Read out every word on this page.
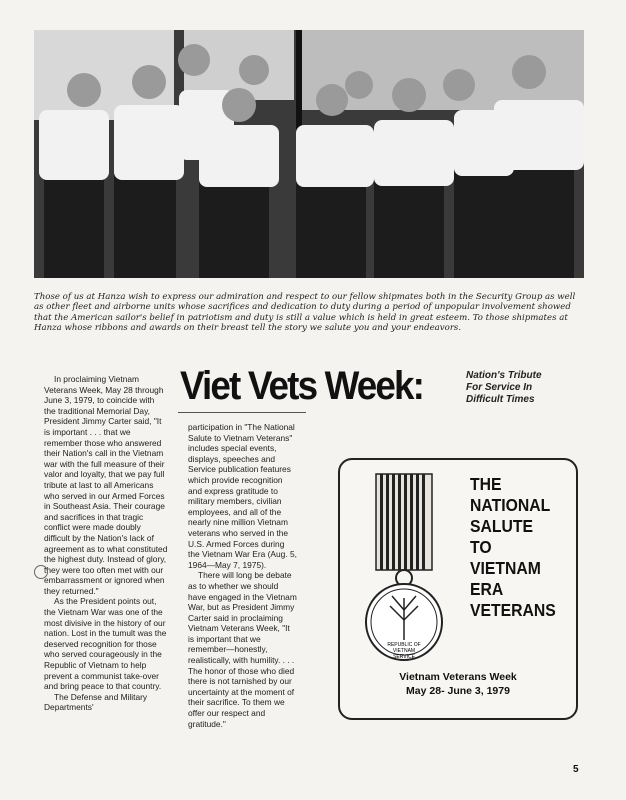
Those of us at Hanza wish to express our admiration and respect to our fellow shipmates both in the Security Group as well as other fleet and airborne units whose sacrifices and dedication to duty during a period of unpopular involvement showed that the American sailor's belief in patriotism and duty is still a value which is held in great esteem. To those shipmates at Hanza whose ribbons and awards on their breast tell the story we salute you and your endeavors.
Viet Vets Week:	Nation's Tribute
For Service In
Difficult Times

In proclaiming Vietnam Veterans Week, May 28 through June 3, 1979, to coincide with the traditional Memorial Day, President Jimmy Carter said, "It is important . . . that we remember those who answered their Nation's call in the Vietnam war with the full measure of their valor and loyalty, that we pay full tribute at last to all Americans who served in our Armed Forces in Southeast Asia. Their courage and sacrifices in that tragic conflict were made doubly difficult by the Nation's lack of agreement as to what constituted the highest duty. Instead of glory, they were too often met with our embarrassment or ignored when they returned."

As the President points out, the Vietnam War was one of the most divisive in the history of our nation. Lost in the tumult was the deserved recognition for those who served courageously in the Republic of Vietnam to help prevent a communist take-over and bring peace to that country.

The Defense and Military Departments'

participation in "The National Salute to Vietnam Veterans" includes special events, displays, speeches and Service publication features which provide recognition and express gratitude to military members, civilian employees, and all of the nearly nine million Vietnam veterans who served in the U.S. Armed Forces during the Vietnam War Era (Aug. 5, 1964—May 7, 1975).

There will long be debate as to whether we should have engaged in the Vietnam War, but as President Jimmy Carter said in proclaiming Vietnam Veterans Week, "It is important that we remember—honestly, realistically, with humility. . . . The honor of those who died there is not tarnished by our uncertainty at the moment of their sacrifice. To them we offer our respect and gratitude."

REPUBLIC OF
VIETNAM
SERVICE
THE
NATIONAL
SALUTE
TO
VIETNAM
ERA
VETERANS
Vietnam Veterans Week
May 28- June 3, 1979
5
